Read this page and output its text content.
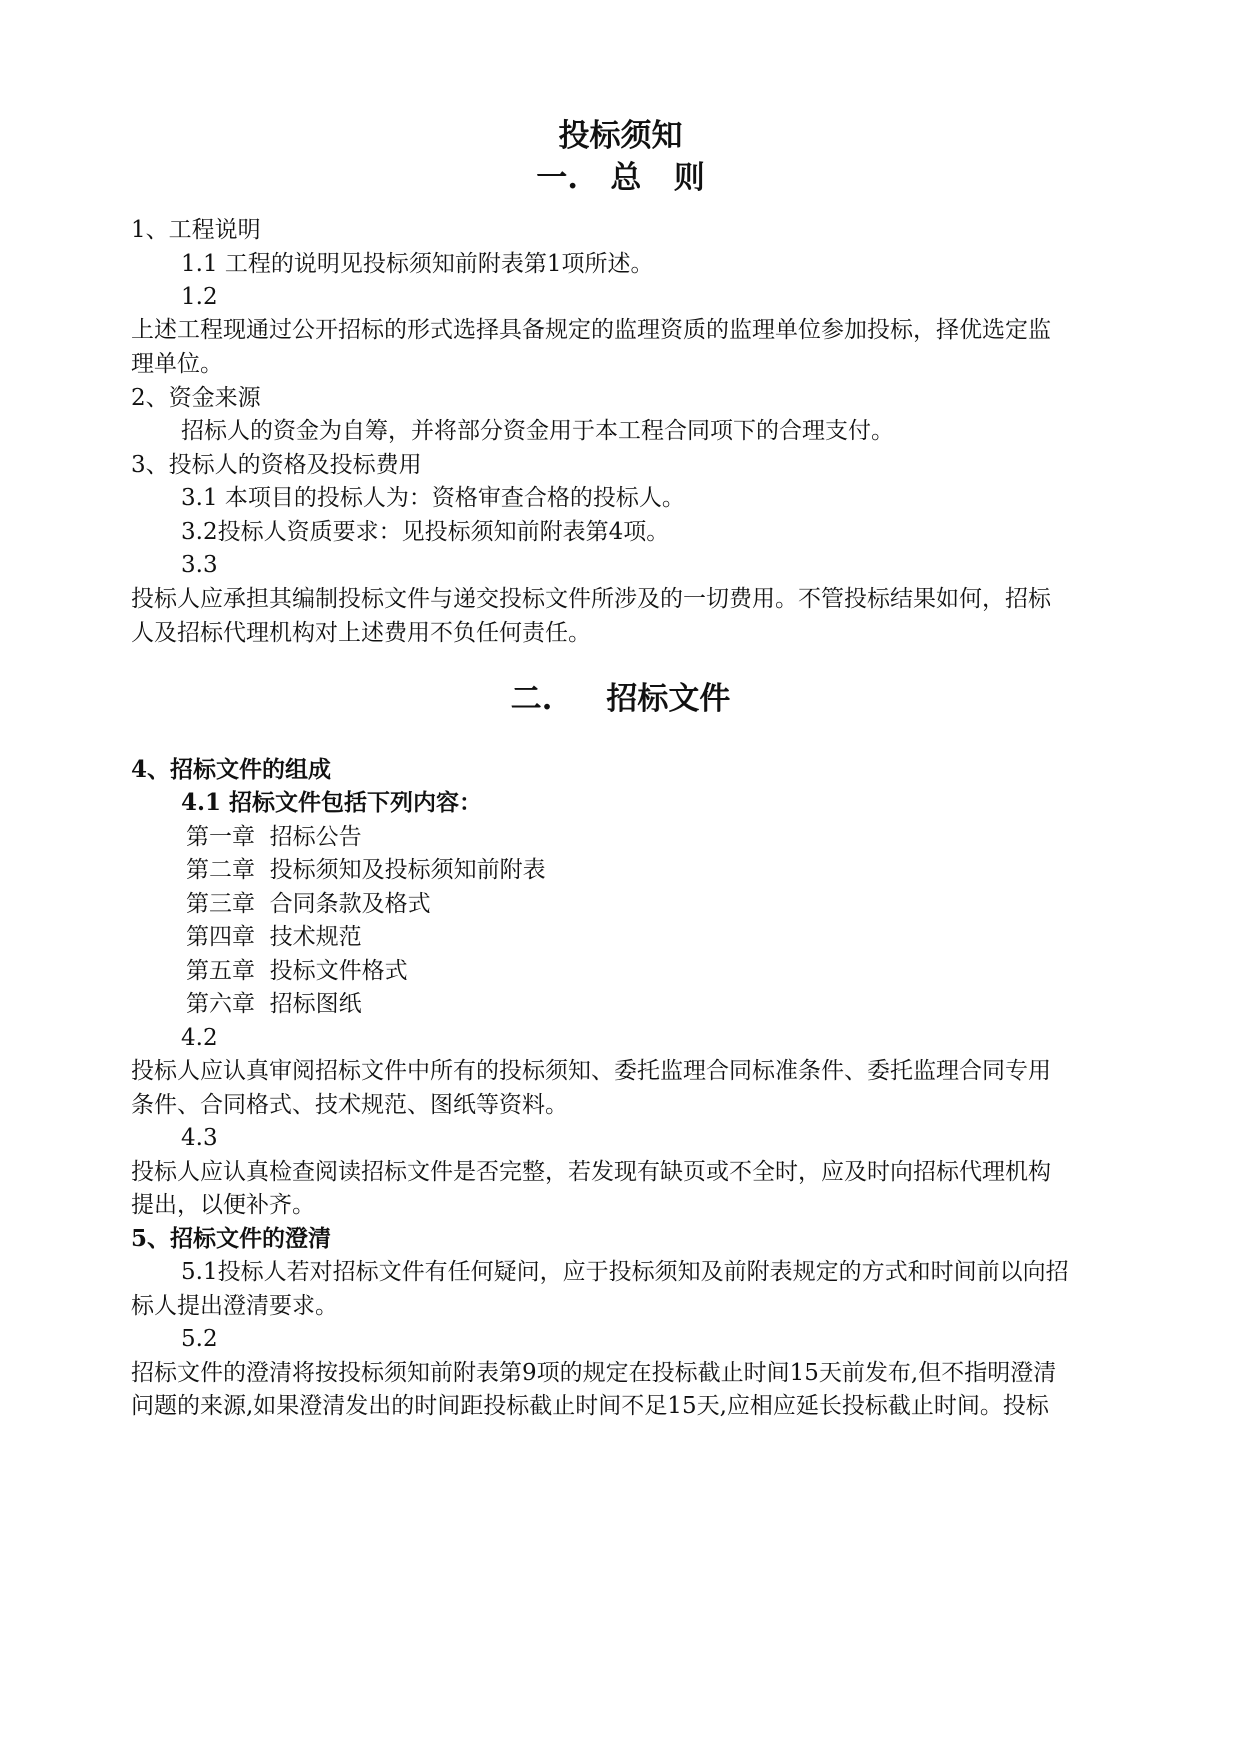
投标须知
一.   总   则
1、工程说明
1.1 工程的说明见投标须知前附表第1项所述。
1.2
上述工程现通过公开招标的形式选择具备规定的监理资质的监理单位参加投标，择优选定监
理单位。
2、资金来源
招标人的资金为自筹，并将部分资金用于本工程合同项下的合理支付。
3、投标人的资格及投标费用
3.1 本项目的投标人为：资格审查合格的投标人。
3.2投标人资质要求：见投标须知前附表第4项。
3.3
投标人应承担其编制投标文件与递交投标文件所涉及的一切费用。不管投标结果如何，招标
人及招标代理机构对上述费用不负任何责任。
二.     招标文件
4、招标文件的组成
4.1 招标文件包括下列内容：
第一章  招标公告
第二章  投标须知及投标须知前附表
第三章  合同条款及格式
第四章  技术规范
第五章  投标文件格式
第六章  招标图纸
4.2
投标人应认真审阅招标文件中所有的投标须知、委托监理合同标准条件、委托监理合同专用
条件、合同格式、技术规范、图纸等资料。
4.3
投标人应认真检查阅读招标文件是否完整，若发现有缺页或不全时，应及时向招标代理机构
提出，以便补齐。
5、招标文件的澄清
5.1投标人若对招标文件有任何疑问，应于投标须知及前附表规定的方式和时间前以向招
标人提出澄清要求。
5.2
招标文件的澄清将按投标须知前附表第9项的规定在投标截止时间15天前发布,但不指明澄清
问题的来源,如果澄清发出的时间距投标截止时间不足15天,应相应延长投标截止时间。投标
